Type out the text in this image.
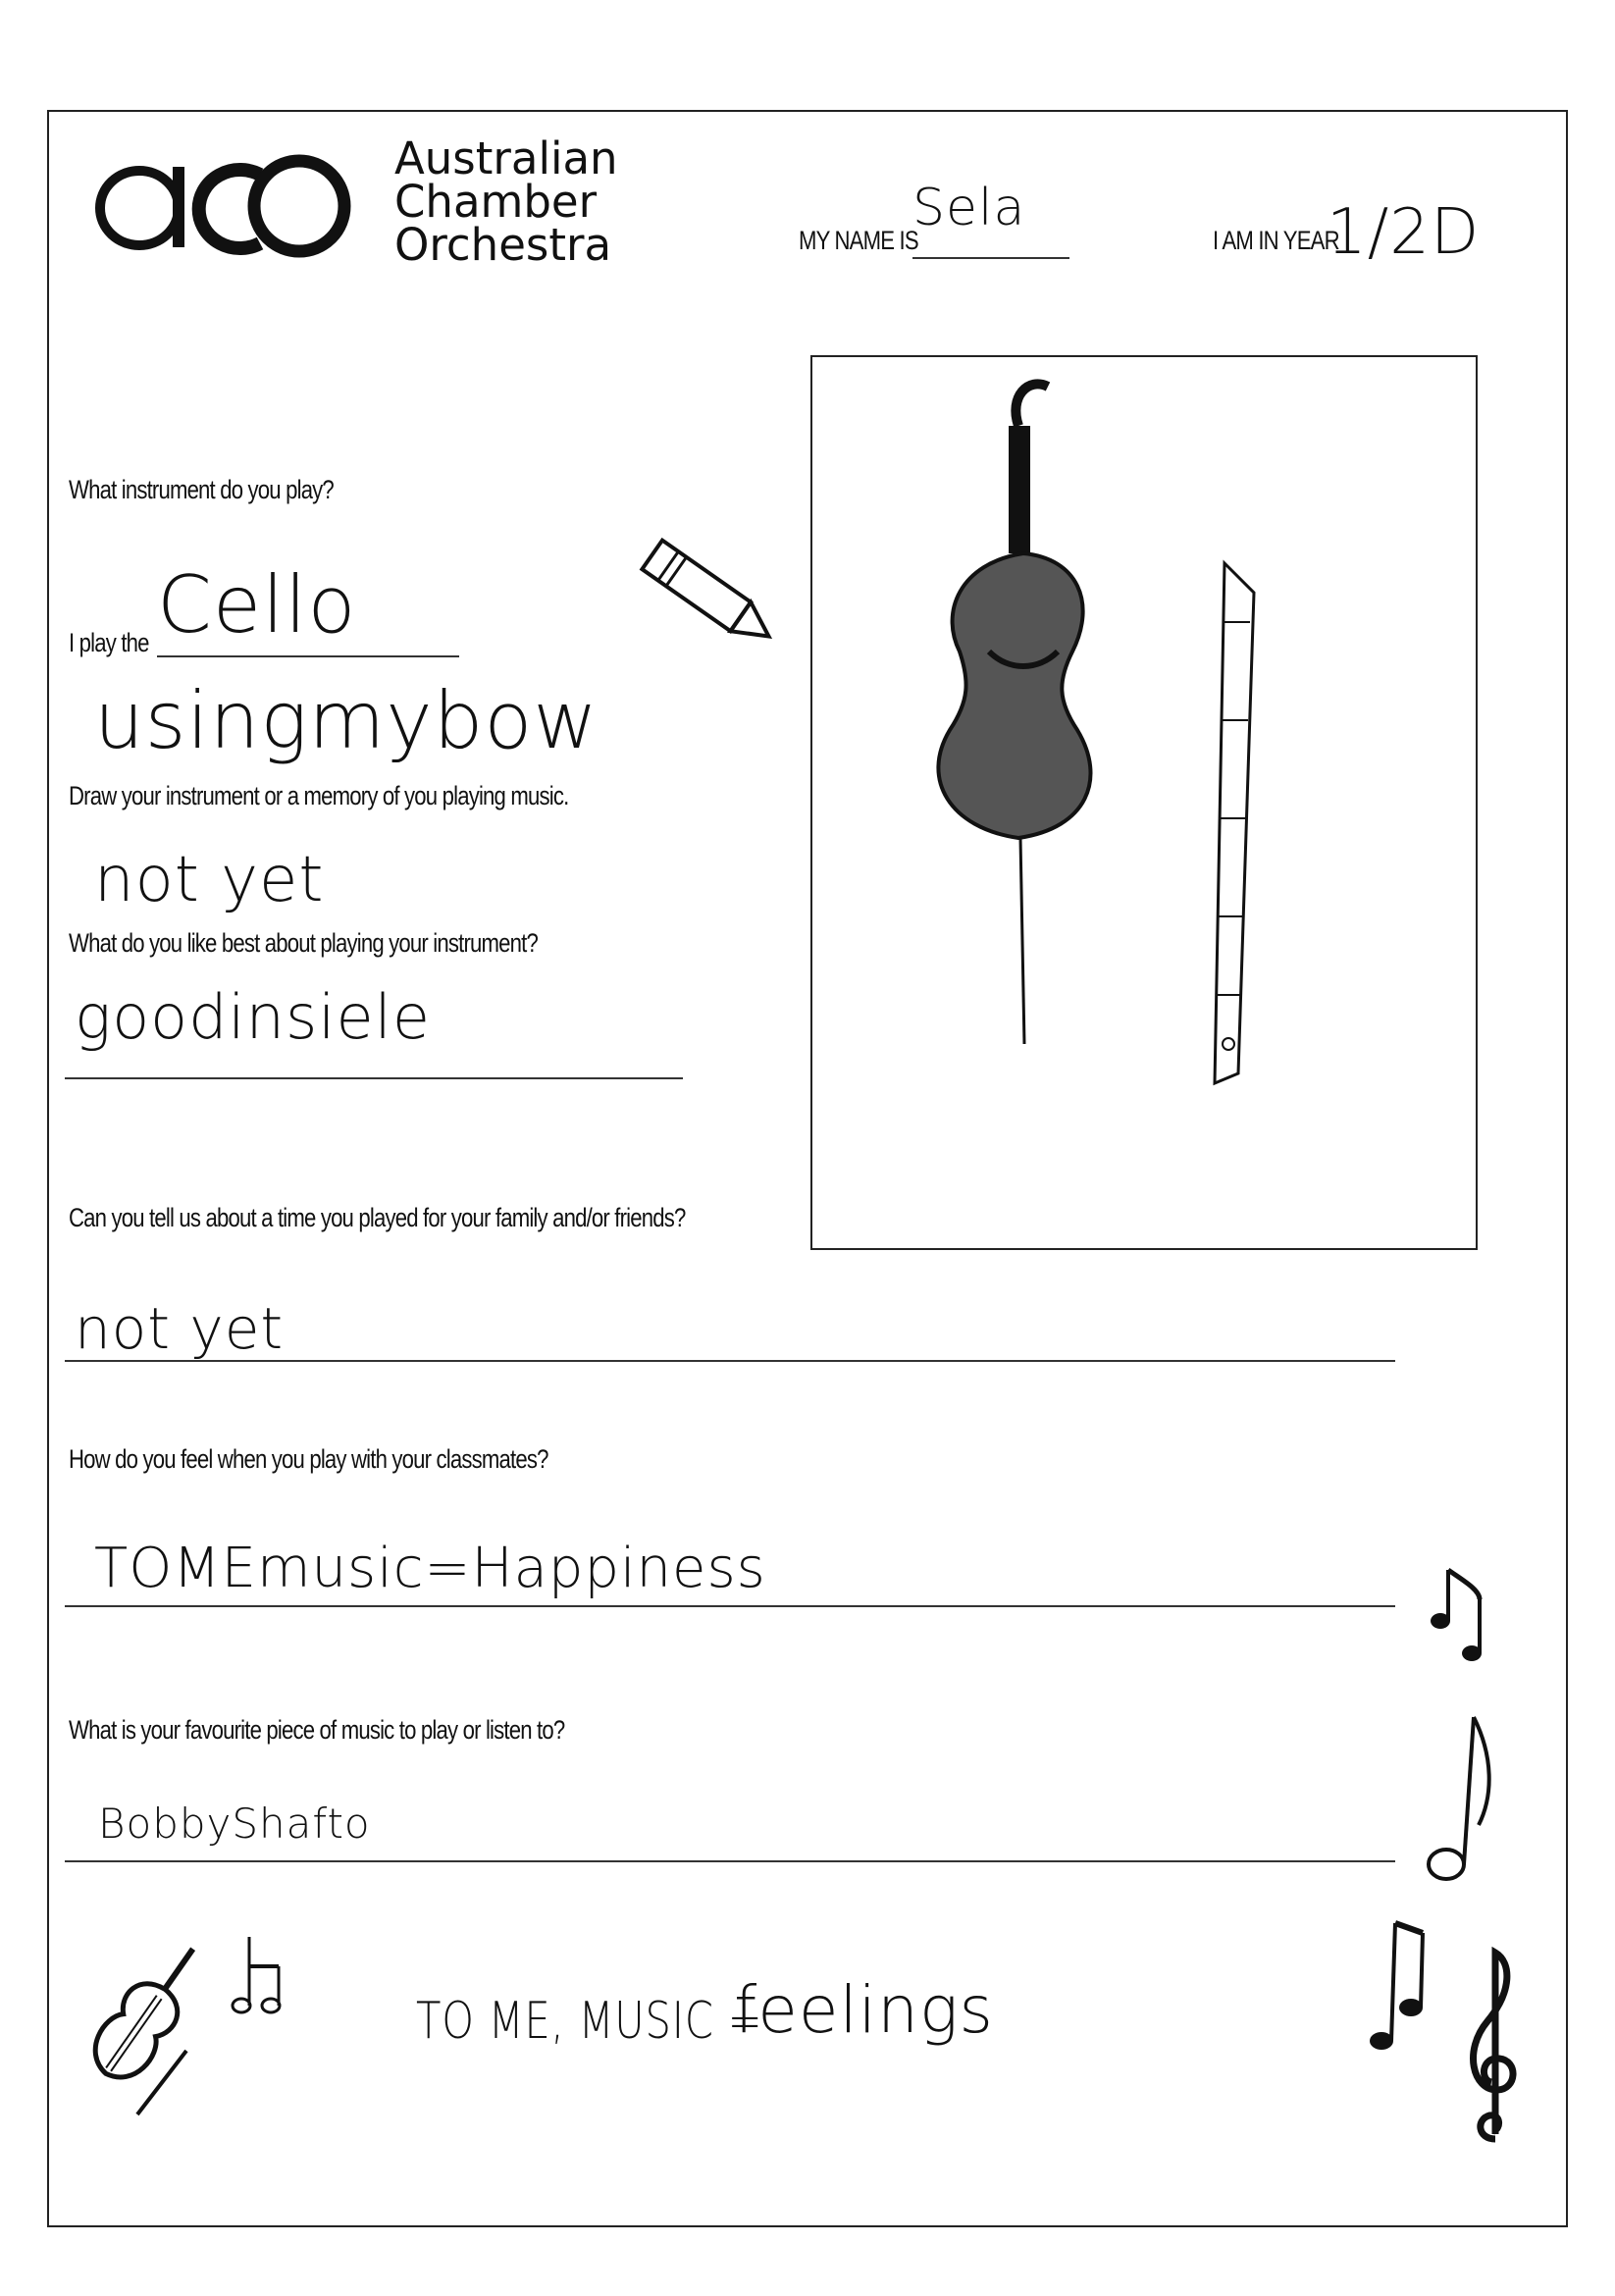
Australian
Chamber
Orchestra	MY NAME IS
Sela
I AM IN YEAR
1/2D
What instrument do you play?
I play the Cello
usingmybow
Draw your instrument or a memory of you playing music.
not yet
What do you like best about playing your instrument?
goodinsiele
Can you tell us about a time you played for your family and/or friends?
not yet
How do you feel when you play with your classmates?
TOMEmusic=Happiness
What is your favourite piece of music to play or listen to?
BobbyShafto
TO ME, MUSIC =
feelings
